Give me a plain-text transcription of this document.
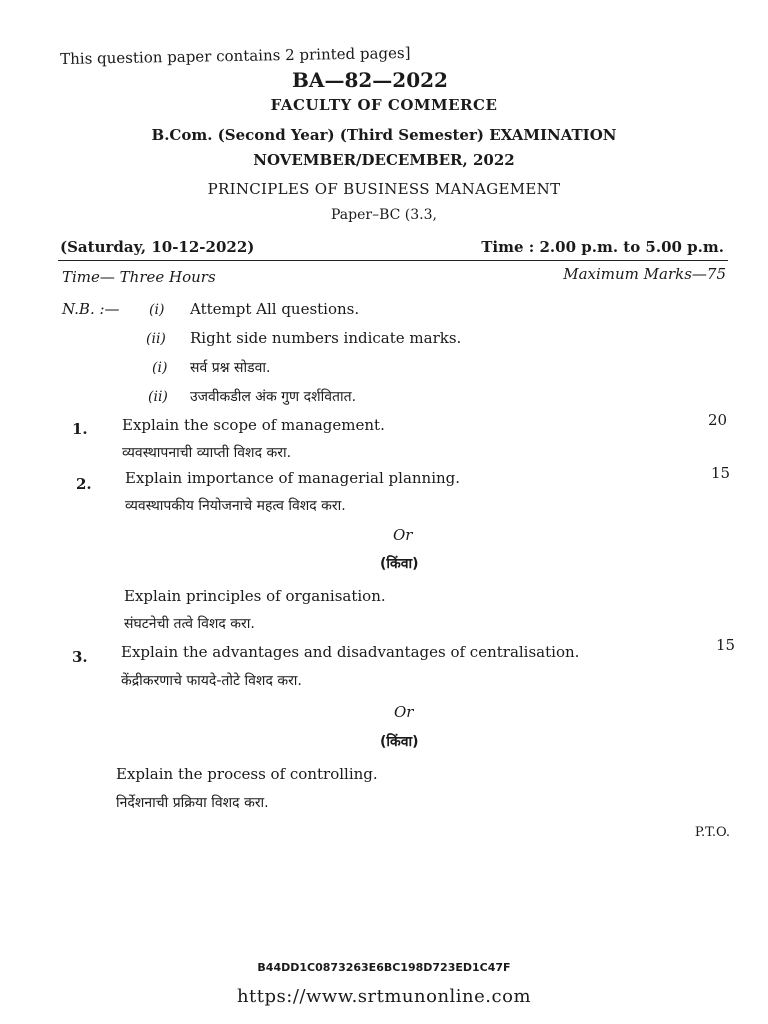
This question paper contains 2 printed pages]
BA—82—2022
FACULTY OF COMMERCE
B.Com. (Second Year) (Third Semester) EXAMINATION
NOVEMBER/DECEMBER, 2022
PRINCIPLES OF BUSINESS MANAGEMENT
Paper–BC (3.3,
(Saturday, 10-12-2022)	Time : 2.00 p.m. to 5.00 p.m.
Time— Three Hours	Maximum Marks—75
N.B. :— (i) Attempt All questions.
(ii) Right side numbers indicate marks.
(i) सर्व प्रश्न सोडवा.
(ii) उजवीकडील अंक गुण दर्शवितात.
1. Explain the scope of management.	20
व्यवस्थापनाची व्याप्ती विशद करा.
2. Explain importance of managerial planning.	15
व्यवस्थापकीय नियोजनाचे महत्व विशद करा.
Or
(किंवा)
Explain principles of organisation.
संघटनेची तत्वे विशद करा.
3. Explain the advantages and disadvantages of centralisation.	15
केंद्रीकरणाचे फायदे-तोटे विशद करा.
Or
(किंवा)
Explain the process of controlling.
निर्देशनाची प्रक्रिया विशद करा.
P.T.O.
B44DD1C0873263E6BC198D723ED1C47F
https://www.srtmunonline.com
